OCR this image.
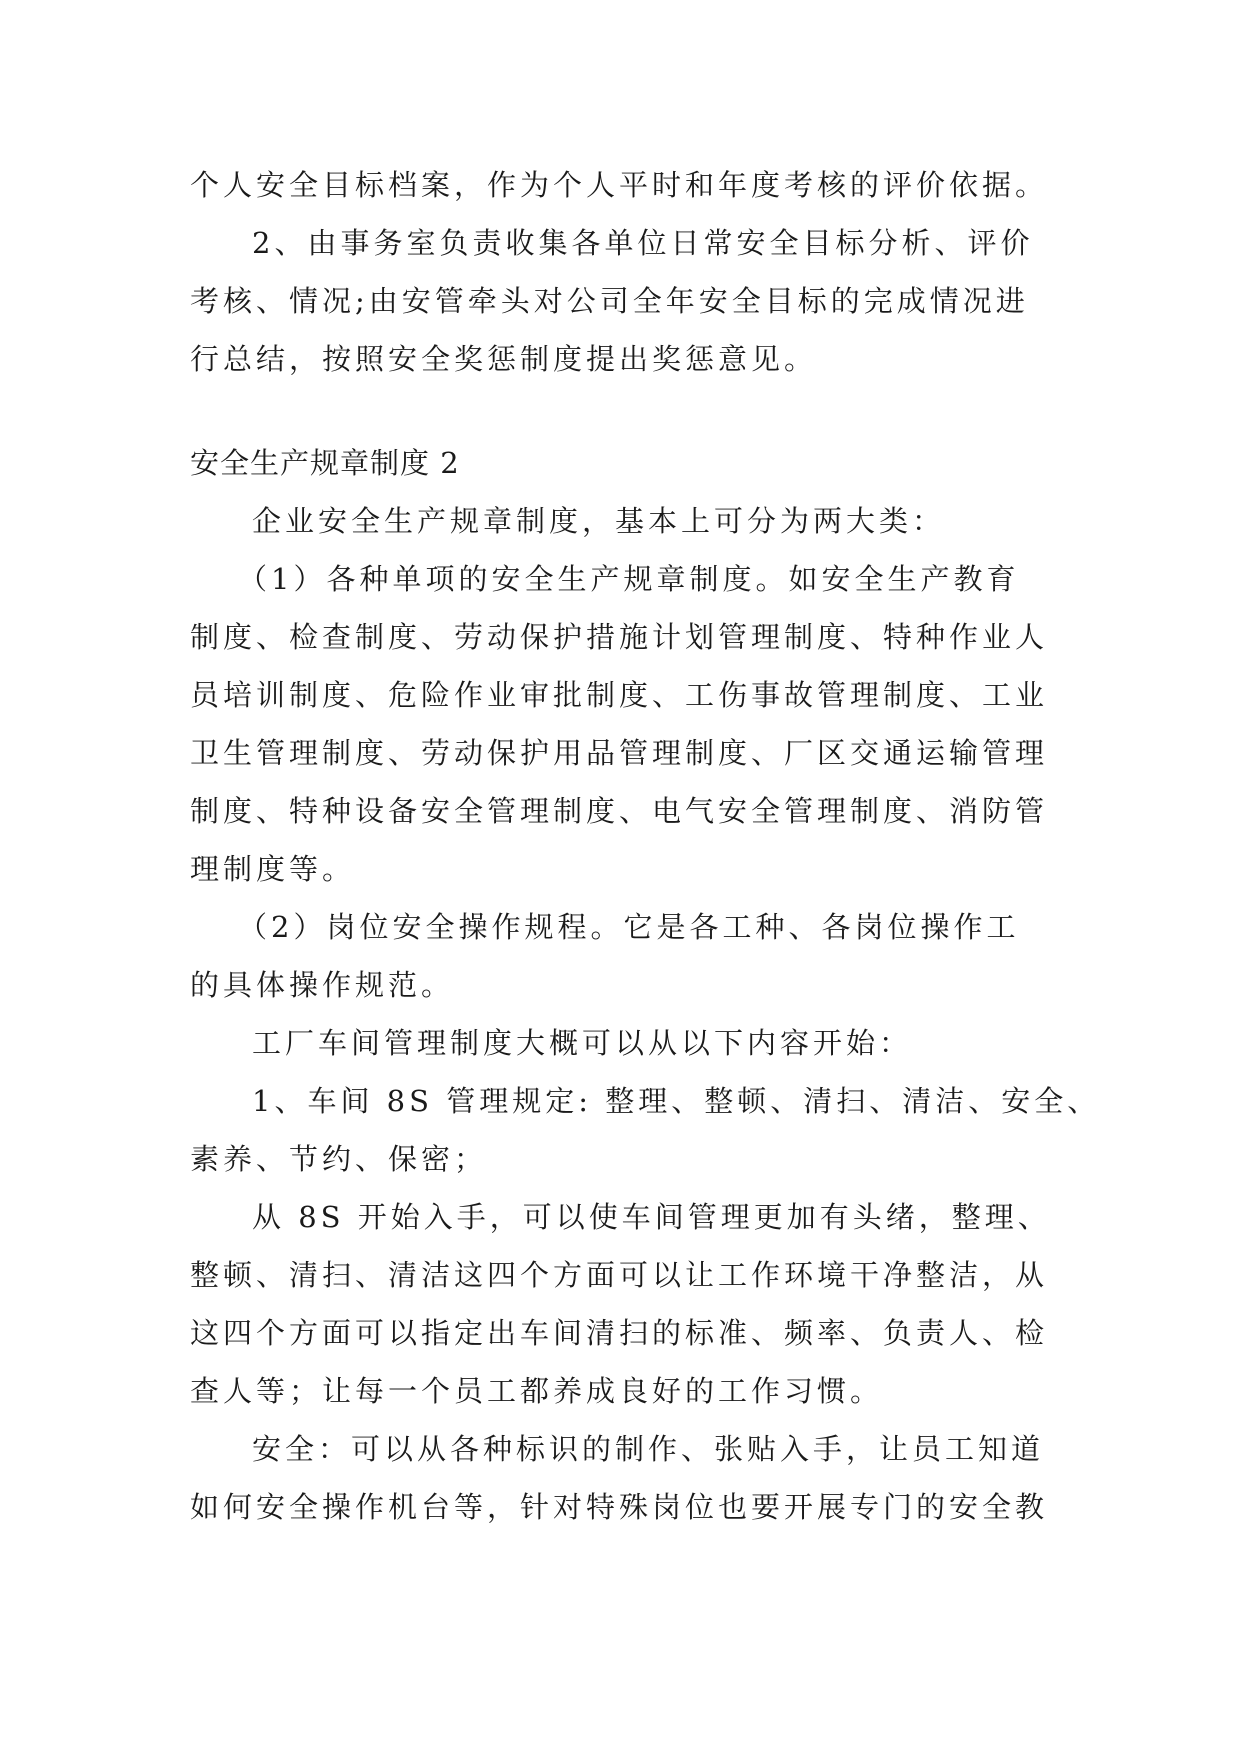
个人安全目标档案，作为个人平时和年度考核的评价依据。
2、由事务室负责收集各单位日常安全目标分析、评价
考核、情况;由安管牵头对公司全年安全目标的完成情况进
行总结，按照安全奖惩制度提出奖惩意见。
安全生产规章制度 2
企业安全生产规章制度，基本上可分为两大类：
（1）各种单项的安全生产规章制度。如安全生产教育
制度、检查制度、劳动保护措施计划管理制度、特种作业人
员培训制度、危险作业审批制度、工伤事故管理制度、工业
卫生管理制度、劳动保护用品管理制度、厂区交通运输管理
制度、特种设备安全管理制度、电气安全管理制度、消防管
理制度等。
（2）岗位安全操作规程。它是各工种、各岗位操作工
的具体操作规范。
工厂车间管理制度大概可以从以下内容开始：
1、车间 8S 管理规定: 整理、整顿、清扫、清洁、安全、
素养、节约、保密；
从 8S 开始入手，可以使车间管理更加有头绪，整理、
整顿、清扫、清洁这四个方面可以让工作环境干净整洁，从
这四个方面可以指定出车间清扫的标准、频率、负责人、检
查人等；让每一个员工都养成良好的工作习惯。
安全：可以从各种标识的制作、张贴入手，让员工知道
如何安全操作机台等，针对特殊岗位也要开展专门的安全教
